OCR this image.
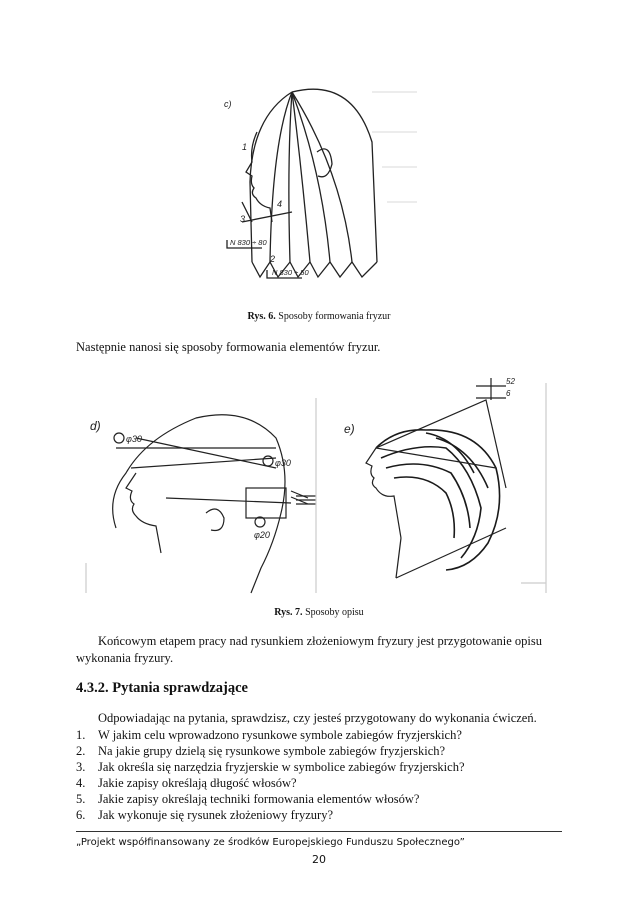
c)
1
2
3
4
N 830 ÷ 80
N 830 ÷ 50
Rys. 6. Sposoby formowania fryzur
Następnie nanosi się sposoby formowania elementów fryzur.
d)	e)
φ30
φ30
φ20
52
6
Rys. 7. Sposoby opisu
Końcowym etapem pracy nad rysunkiem złożeniowym fryzury jest przygotowanie opisu
wykonania fryzury.
4.3.2. Pytania sprawdzające
Odpowiadając na pytania, sprawdzisz, czy jesteś przygotowany do wykonania ćwiczeń.
1. W jakim celu wprowadzono rysunkowe symbole zabiegów fryzjerskich?
2. Na jakie grupy dzielą się rysunkowe symbole zabiegów fryzjerskich?
3. Jak określa się narzędzia fryzjerskie w symbolice zabiegów fryzjerskich?
4. Jakie zapisy określają długość włosów?
5. Jakie zapisy określają techniki formowania elementów włosów?
6. Jak wykonuje się rysunek złożeniowy fryzury?
„Projekt współfinansowany ze środków Europejskiego Funduszu Społecznego”
20
